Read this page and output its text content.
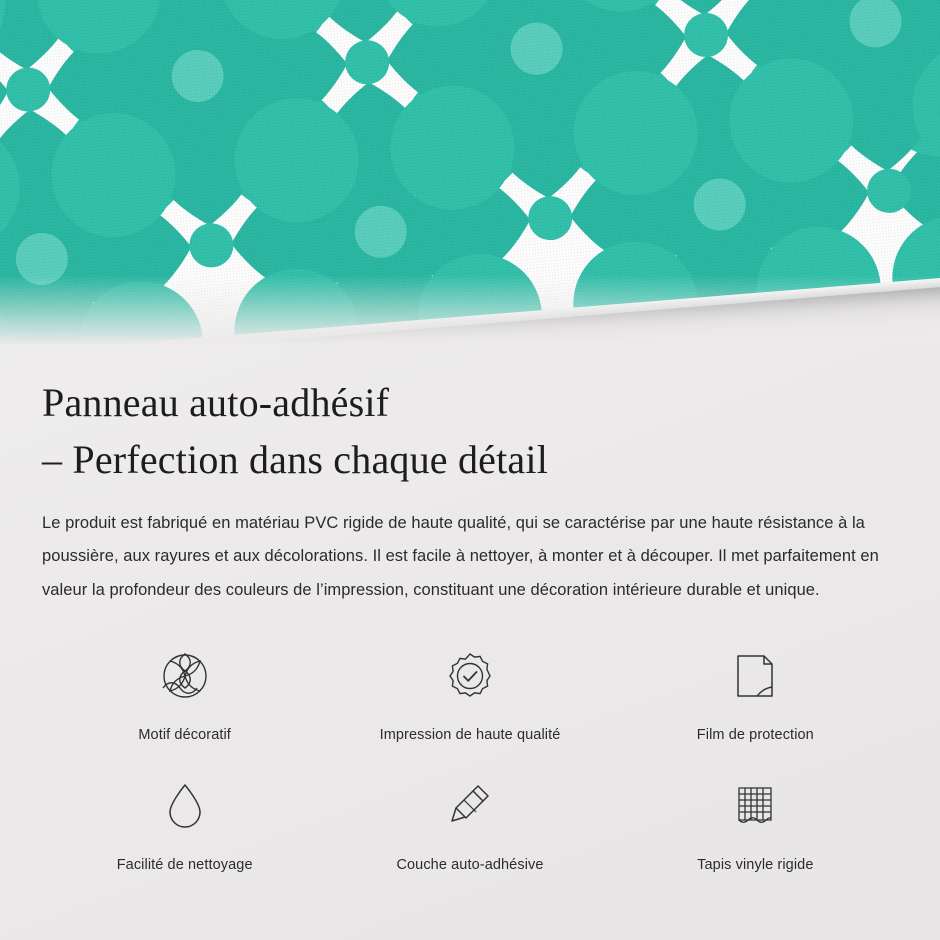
Panneau auto-adhésif
– Perfection dans chaque détail

Le produit est fabriqué en matériau PVC rigide de haute qualité, qui se caractérise par une haute résistance à la poussière, aux rayures et aux décolorations. Il est facile à nettoyer, à monter et à découper. Il met parfaitement en valeur la profondeur des couleurs de l’impression, constituant une décoration intérieure durable et unique.

Motif décoratif	Impression de haute qualité	Film de protection
Facilité de nettoyage	Couche auto-adhésive	Tapis vinyle rigide
